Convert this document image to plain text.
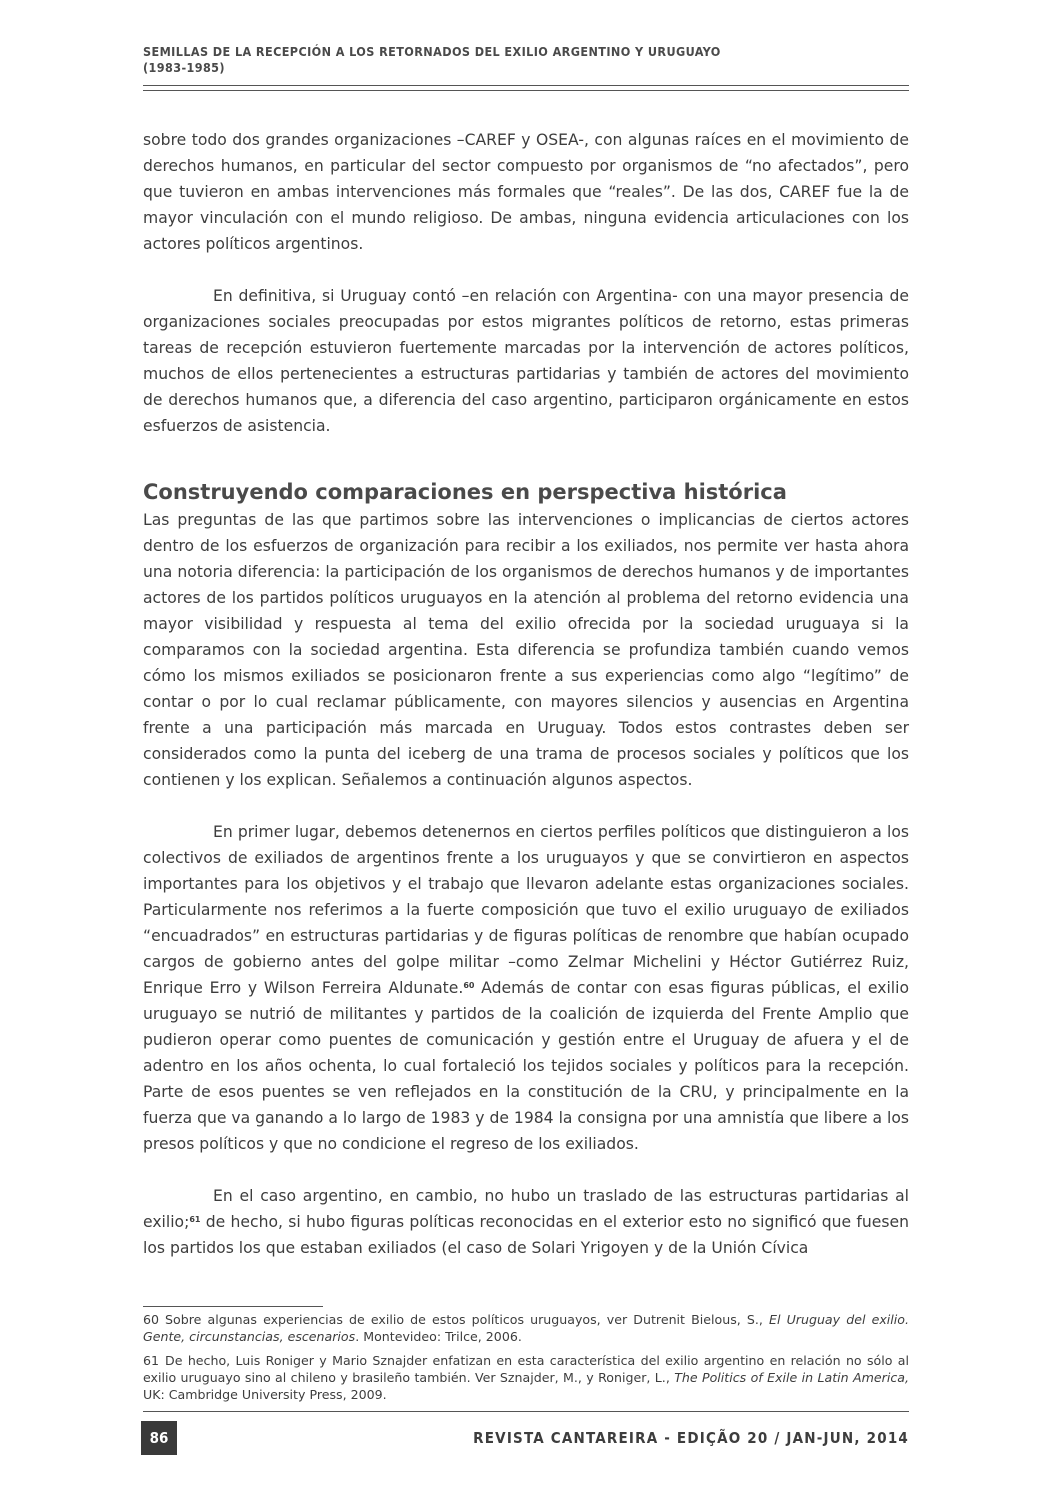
SEMILLAS DE LA RECEPCIÓN A LOS RETORNADOS DEL EXILIO ARGENTINO Y URUGUAYO
(1983-1985)

sobre todo dos grandes organizaciones –CAREF y OSEA-, con algunas raíces en el movimiento de derechos humanos, en particular del sector compuesto por organismos de “no afectados”, pero que tuvieron en ambas intervenciones más formales que “reales”. De las dos, CAREF fue la de mayor vinculación con el mundo religioso. De ambas, ninguna evidencia articulaciones con los actores políticos argentinos.

En definitiva, si Uruguay contó –en relación con Argentina- con una mayor presencia de organizaciones sociales preocupadas por estos migrantes políticos de retorno, estas primeras tareas de recepción estuvieron fuertemente marcadas por la intervención de actores políticos, muchos de ellos pertenecientes a estructuras partidarias y también de actores del movimiento de derechos humanos que, a diferencia del caso argentino, participaron orgánicamente en estos esfuerzos de asistencia.

Construyendo comparaciones en perspectiva histórica

Las preguntas de las que partimos sobre las intervenciones o implicancias de ciertos actores dentro de los esfuerzos de organización para recibir a los exiliados, nos permite ver hasta ahora una notoria diferencia: la participación de los organismos de derechos humanos y de importantes actores de los partidos políticos uruguayos en la atención al problema del retorno evidencia una mayor visibilidad y respuesta al tema del exilio ofrecida por la sociedad uruguaya si la comparamos con la sociedad argentina. Esta diferencia se profundiza también cuando vemos cómo los mismos exiliados se posicionaron frente a sus experiencias como algo “legítimo” de contar o por lo cual reclamar públicamente, con mayores silencios y ausencias en Argentina frente a una participación más marcada en Uruguay. Todos estos contrastes deben ser considerados como la punta del iceberg de una trama de procesos sociales y políticos que los contienen y los explican. Señalemos a continuación algunos aspectos.

En primer lugar, debemos detenernos en ciertos perfiles políticos que distinguieron a los colectivos de exiliados de argentinos frente a los uruguayos y que se convirtieron en aspectos importantes para los objetivos y el trabajo que llevaron adelante estas organizaciones sociales. Particularmente nos referimos a la fuerte composición que tuvo el exilio uruguayo de exiliados “encuadrados” en estructuras partidarias y de figuras políticas de renombre que habían ocupado cargos de gobierno antes del golpe militar –como Zelmar Michelini y Héctor Gutiérrez Ruiz, Enrique Erro y Wilson Ferreira Aldunate.$^{60}$ Además de contar con esas figuras públicas, el exilio uruguayo se nutrió de militantes y partidos de la coalición de izquierda del Frente Amplio que pudieron operar como puentes de comunicación y gestión entre el Uruguay de afuera y el de adentro en los años ochenta, lo cual fortaleció los tejidos sociales y políticos para la recepción. Parte de esos puentes se ven reflejados en la constitución de la CRU, y principalmente en la fuerza que va ganando a lo largo de 1983 y de 1984 la consigna por una amnistía que libere a los presos políticos y que no condicione el regreso de los exiliados.

En el caso argentino, en cambio, no hubo un traslado de las estructuras partidarias al exilio;$^{61}$ de hecho, si hubo figuras políticas reconocidas en el exterior esto no significó que fuesen los partidos los que estaban exiliados (el caso de Solari Yrigoyen y de la Unión Cívica

60 Sobre algunas experiencias de exilio de estos políticos uruguayos, ver Dutrenit Bielous, S., El Uruguay del exilio. Gente, circunstancias, escenarios. Montevideo: Trilce, 2006.

61 De hecho, Luis Roniger y Mario Sznajder enfatizan en esta característica del exilio argentino en relación no sólo al exilio uruguayo sino al chileno y brasileño también. Ver Sznajder, M., y Roniger, L., The Politics of Exile in Latin America, UK: Cambridge University Press, 2009.

86	REVISTA CANTAREIRA - EDIÇÃO 20 / JAN-JUN, 2014
